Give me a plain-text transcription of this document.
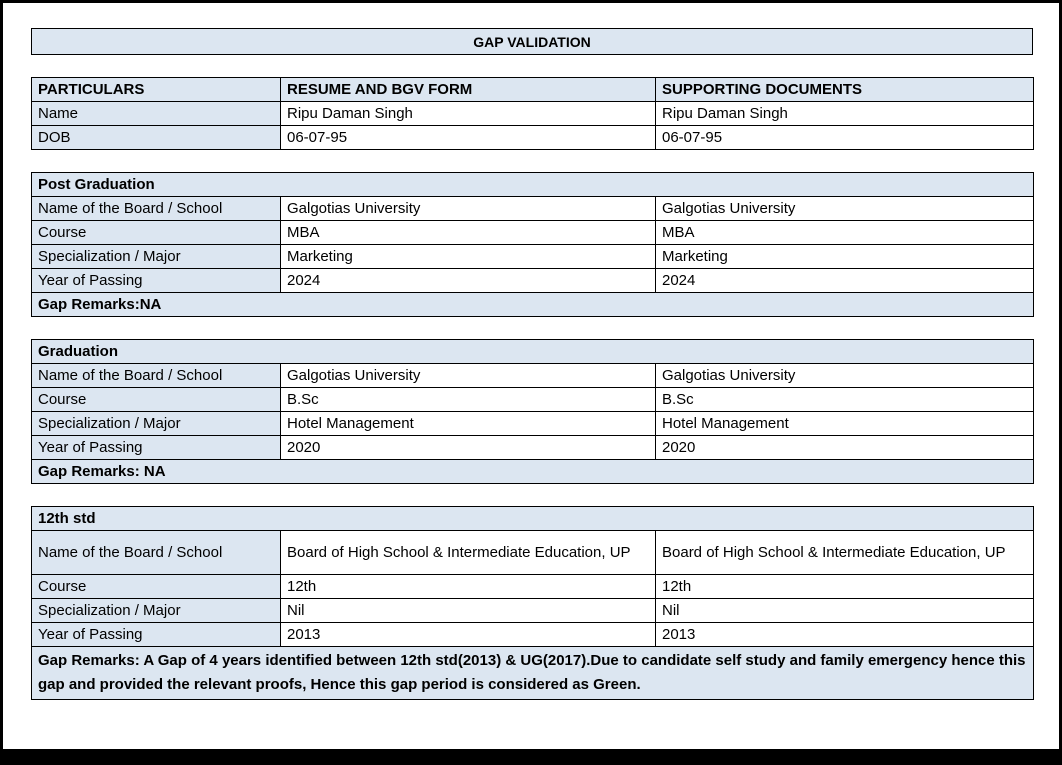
GAP VALIDATION
PARTICULARS	RESUME AND BGV FORM	SUPPORTING DOCUMENTS
Name	Ripu Daman Singh	Ripu Daman Singh
DOB	06-07-95	06-07-95
Post Graduation		
Name of the Board / School	Galgotias University	Galgotias University
Course	MBA	MBA
Specialization / Major	Marketing	Marketing
Year of Passing	2024	2024
Gap Remarks:NA		
Graduation		
Name of the Board / School	Galgotias University	Galgotias University
Course	B.Sc	B.Sc
Specialization / Major	Hotel Management	Hotel Management
Year of Passing	2020	2020
Gap Remarks: NA		
12th std		
Name of the Board / School	Board of High School & Intermediate Education, UP	Board of High School & Intermediate Education, UP
Course	12th	12th
Specialization / Major	Nil	Nil
Year of Passing	2013	2013
Gap Remarks: A Gap of 4 years identified between 12th std(2013) & UG(2017).Due to candidate self study and family emergency hence this gap and provided the relevant proofs, Hence this gap period is considered as Green.		
